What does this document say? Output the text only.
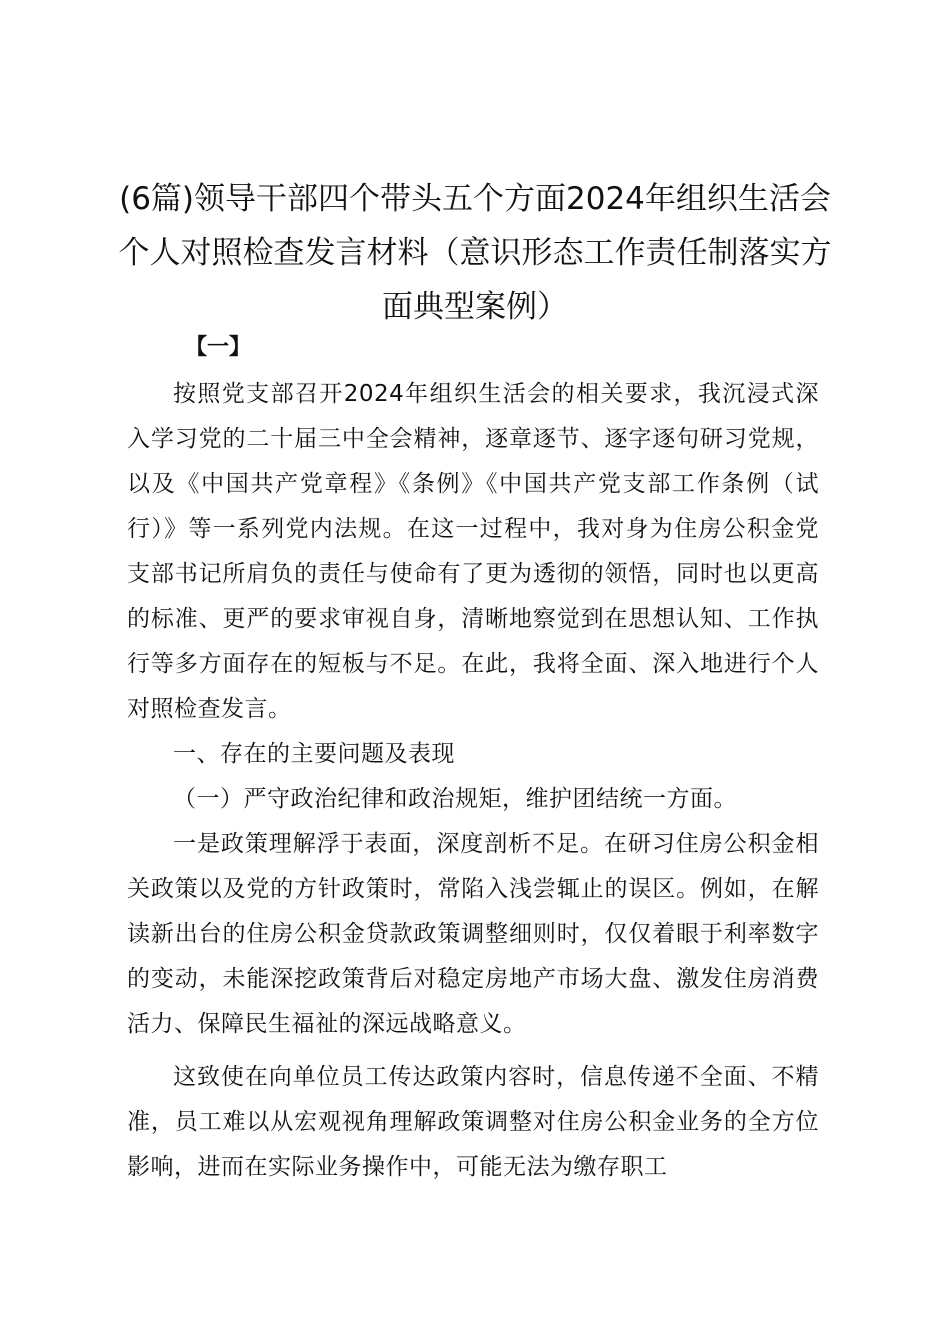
(6篇)领导干部四个带头五个方面2024年组织生活会个人对照检查发言材料（意识形态工作责任制落实方面典型案例）
【一】

按照党支部召开2024年组织生活会的相关要求，我沉浸式深入学习党的二十届三中全会精神，逐章逐节、逐字逐句研习党规，以及《中国共产党章程》《条例》《中国共产党支部工作条例（试行）》等一系列党内法规。在这一过程中，我对身为住房公积金党支部书记所肩负的责任与使命有了更为透彻的领悟，同时也以更高的标准、更严的要求审视自身，清晰地察觉到在思想认知、工作执行等多方面存在的短板与不足。在此，我将全面、深入地进行个人对照检查发言。

一、存在的主要问题及表现

（一）严守政治纪律和政治规矩，维护团结统一方面。

一是政策理解浮于表面，深度剖析不足。在研习住房公积金相关政策以及党的方针政策时，常陷入浅尝辄止的误区。例如，在解读新出台的住房公积金贷款政策调整细则时，仅仅着眼于利率数字的变动，未能深挖政策背后对稳定房地产市场大盘、激发住房消费活力、保障民生福祉的深远战略意义。

这致使在向单位员工传达政策内容时，信息传递不全面、不精准，员工难以从宏观视角理解政策调整对住房公积金业务的全方位影响，进而在实际业务操作中，可能无法为缴存职工
